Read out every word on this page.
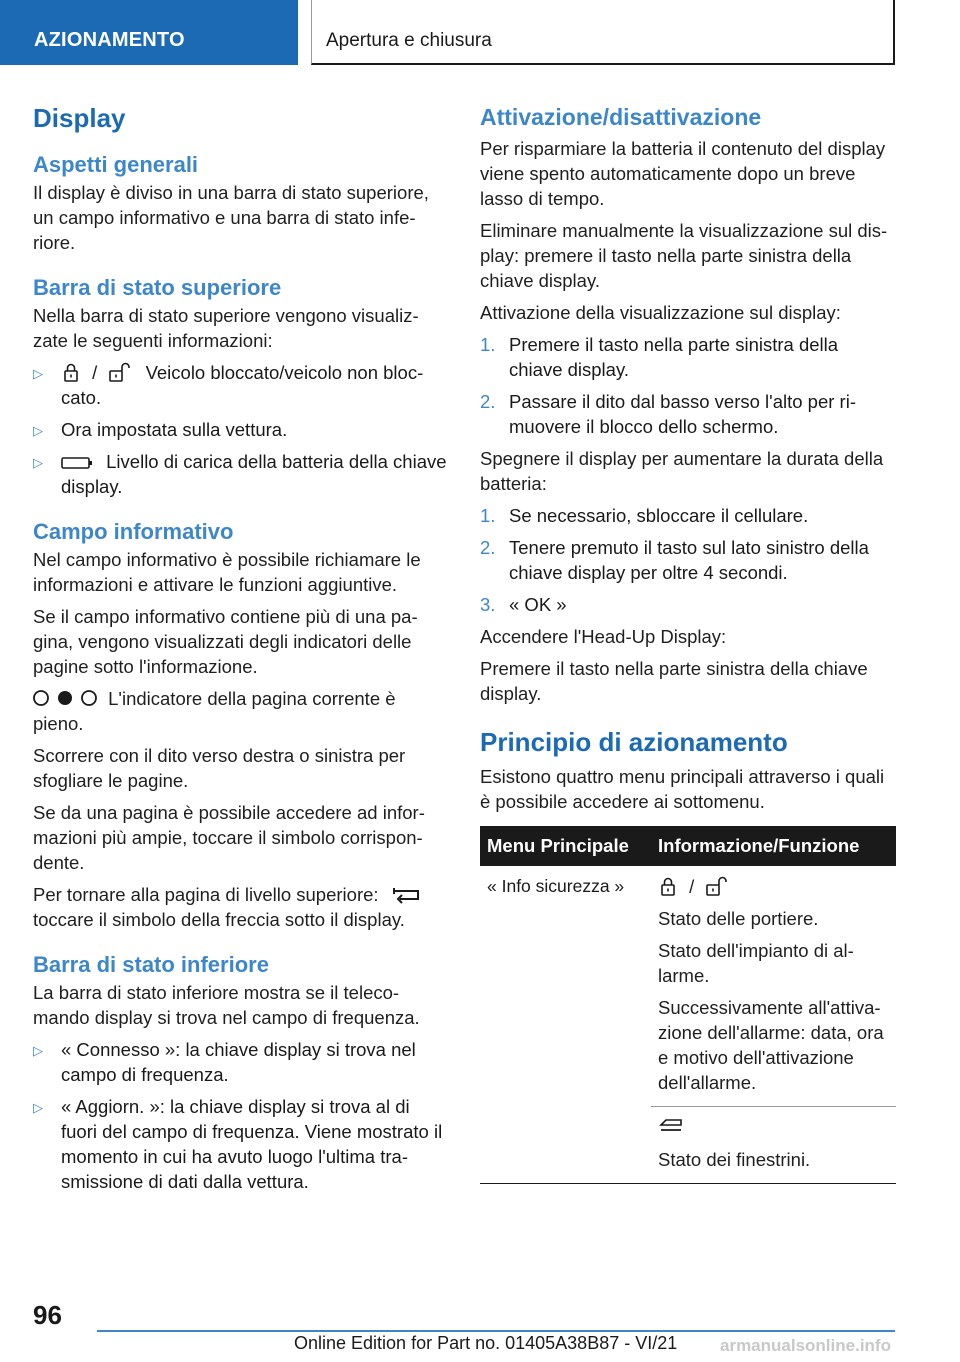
AZIONAMENTO	Apertura e chiusura
Display
Aspetti generali

Il display è diviso in una barra di stato superiore, un campo informativo e una barra di stato inferiore.

Barra di stato superiore

Nella barra di stato superiore vengono visualizzate le seguenti informazioni:

▷	/	Veicolo bloccato/veicolo non bloccato.
▷ Ora impostata sulla vettura.
▷	Livello di carica della batteria della chiave display.
Campo informativo

Nel campo informativo è possibile richiamare le informazioni e attivare le funzioni aggiuntive.

Se il campo informativo contiene più di una pagina, vengono visualizzati degli indicatori delle pagine sotto l'informazione.

L'indicatore della pagina corrente è pieno.

Scorrere con il dito verso destra o sinistra per sfogliare le pagine.

Se da una pagina è possibile accedere ad informazioni più ampie, toccare il simbolo corrispondente.

Per tornare alla pagina di livello superiore:
toccare il simbolo della freccia sotto il display.

Barra di stato inferiore

La barra di stato inferiore mostra se il telecomando display si trova nel campo di frequenza.

▷ « Connesso »: la chiave display si trova nel campo di frequenza.
▷ « Aggiorn. »: la chiave display si trova al di fuori del campo di frequenza. Viene mostrato il momento in cui ha avuto luogo l'ultima trasmissione di dati dalla vettura.
Attivazione/disattivazione

Per risparmiare la batteria il contenuto del display viene spento automaticamente dopo un breve lasso di tempo.

Eliminare manualmente la visualizzazione sul display: premere il tasto nella parte sinistra della chiave display.

Attivazione della visualizzazione sul display:

1. Premere il tasto nella parte sinistra della chiave display.
2. Passare il dito dal basso verso l'alto per rimuovere il blocco dello schermo.

Spegnere il display per aumentare la durata della batteria:

1. Se necessario, sbloccare il cellulare.
2. Tenere premuto il tasto sul lato sinistro della chiave display per oltre 4 secondi.
3. « OK »

Accendere l'Head-Up Display:

Premere il tasto nella parte sinistra della chiave display.

Principio di azionamento

Esistono quattro menu principali attraverso i quali è possibile accedere ai sottomenu.

Menu Principale	Informazione/Funzione
« Info sicurezza »	/

Stato delle portiere.

Stato dell'impianto di allarme.

Successivamente all'attivazione dell'allarme: data, ora e motivo dell'attivazione dell'allarme.

	Stato dei finestrini.

96
Online Edition for Part no. 01405A38B87 - VI/21	armanualsonline.info
